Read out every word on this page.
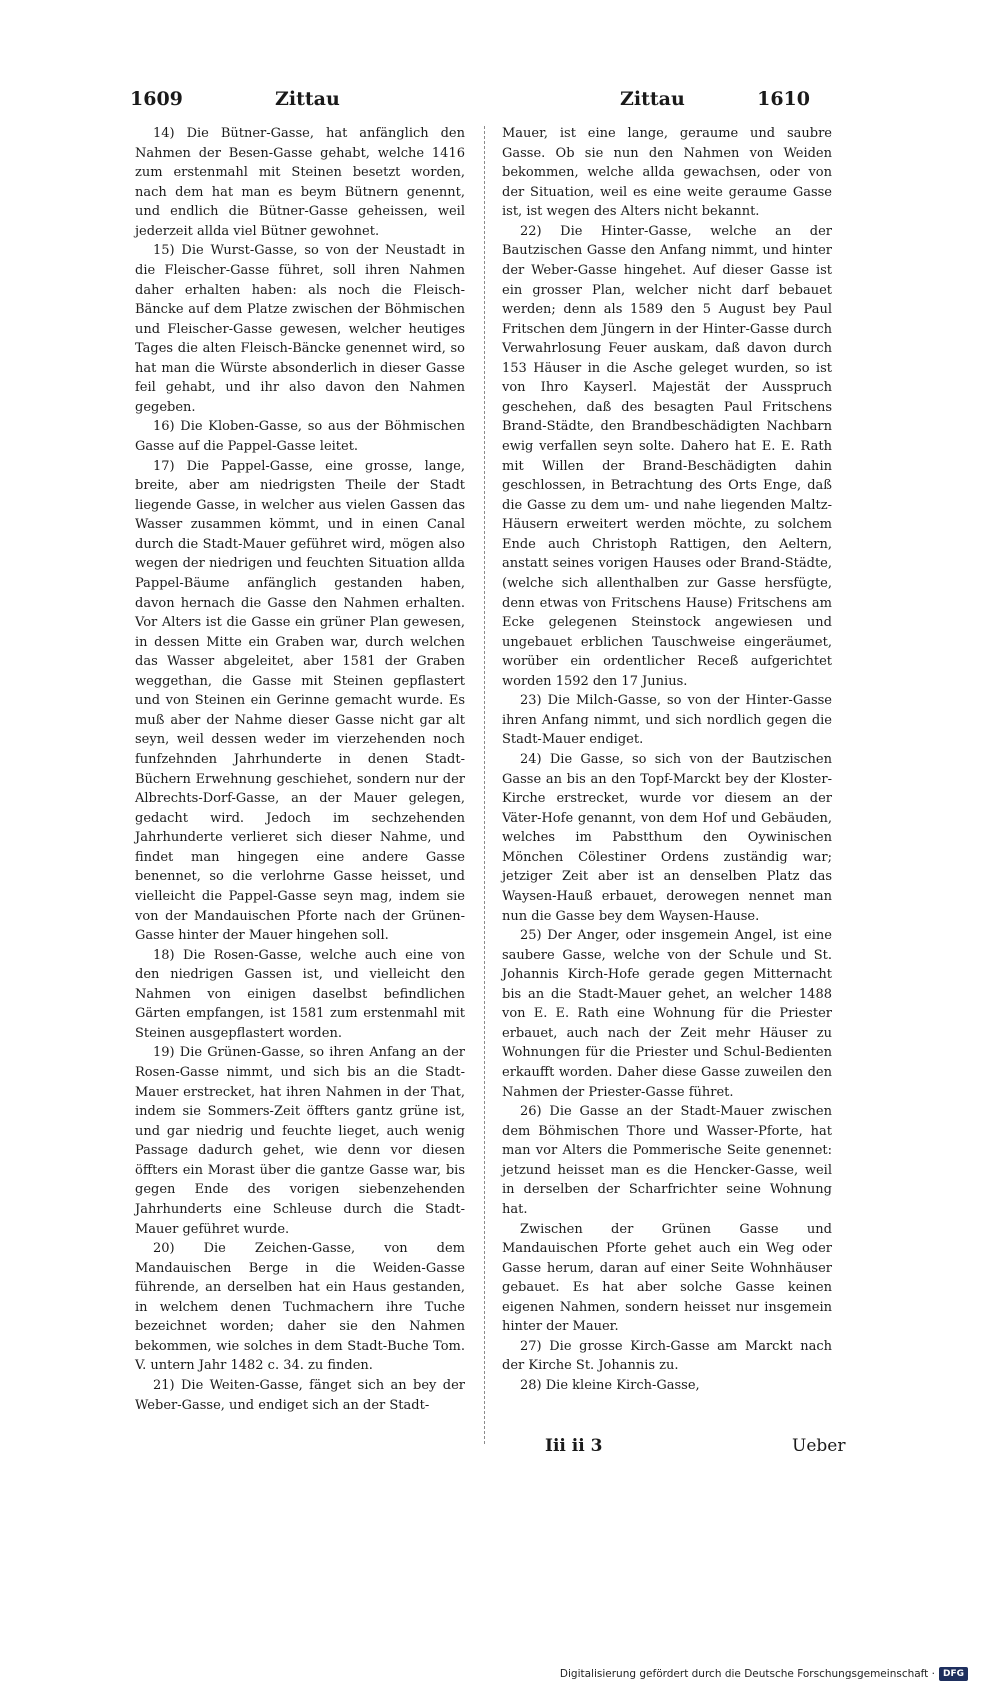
1609	Zittau	Zittau	1610

14) Die Bütner-Gasse, hat anfänglich den Nahmen der Besen-Gasse gehabt, welche 1416 zum erstenmahl mit Steinen besetzt worden, nach dem hat man es beym Bütnern genennt, und endlich die Bütner-Gasse geheissen, weil jederzeit allda viel Bütner gewohnet.

15) Die Wurst-Gasse, so von der Neustadt in die Fleischer-Gasse führet, soll ihren Nahmen daher erhalten haben: als noch die Fleisch-Bäncke auf dem Platze zwischen der Böhmischen und Fleischer-Gasse gewesen, welcher heutiges Tages die alten Fleisch-Bäncke genennet wird, so hat man die Würste absonderlich in dieser Gasse feil gehabt, und ihr also davon den Nahmen gegeben.

16) Die Kloben-Gasse, so aus der Böhmischen Gasse auf die Pappel-Gasse leitet.

17) Die Pappel-Gasse, eine grosse, lange, breite, aber am niedrigsten Theile der Stadt liegende Gasse, in welcher aus vielen Gassen das Wasser zusammen kömmt, und in einen Canal durch die Stadt-Mauer geführet wird, mögen also wegen der niedrigen und feuchten Situation allda Pappel-Bäume anfänglich gestanden haben, davon hernach die Gasse den Nahmen erhalten. Vor Alters ist die Gasse ein grüner Plan gewesen, in dessen Mitte ein Graben war, durch welchen das Wasser abgeleitet, aber 1581 der Graben weggethan, die Gasse mit Steinen gepflastert und von Steinen ein Gerinne gemacht wurde. Es muß aber der Nahme dieser Gasse nicht gar alt seyn, weil dessen weder im vierzehenden noch funfzehnden Jahrhunderte in denen Stadt-Büchern Erwehnung geschiehet, sondern nur der Albrechts-Dorf-Gasse, an der Mauer gelegen, gedacht wird. Jedoch im sechzehenden Jahrhunderte verlieret sich dieser Nahme, und findet man hingegen eine andere Gasse benennet, so die verlohrne Gasse heisset, und vielleicht die Pappel-Gasse seyn mag, indem sie von der Mandauischen Pforte nach der Grünen-Gasse hinter der Mauer hingehen soll.

18) Die Rosen-Gasse, welche auch eine von den niedrigen Gassen ist, und vielleicht den Nahmen von einigen daselbst befindlichen Gärten empfangen, ist 1581 zum erstenmahl mit Steinen ausgepflastert worden.

19) Die Grünen-Gasse, so ihren Anfang an der Rosen-Gasse nimmt, und sich bis an die Stadt-Mauer erstrecket, hat ihren Nahmen in der That, indem sie Sommers-Zeit öffters gantz grüne ist, und gar niedrig und feuchte lieget, auch wenig Passage dadurch gehet, wie denn vor diesen öffters ein Morast über die gantze Gasse war, bis gegen Ende des vorigen siebenzehenden Jahrhunderts eine Schleuse durch die Stadt-Mauer geführet wurde.

20) Die Zeichen-Gasse, von dem Mandauischen Berge in die Weiden-Gasse führende, an derselben hat ein Haus gestanden, in welchem denen Tuchmachern ihre Tuche bezeichnet worden; daher sie den Nahmen bekommen, wie solches in dem Stadt-Buche Tom. V. untern Jahr 1482 c. 34. zu finden.

21) Die Weiten-Gasse, fänget sich an bey der Weber-Gasse, und endiget sich an der Stadt-

Mauer, ist eine lange, geraume und saubre Gasse. Ob sie nun den Nahmen von Weiden bekommen, welche allda gewachsen, oder von der Situation, weil es eine weite geraume Gasse ist, ist wegen des Alters nicht bekannt.

22) Die Hinter-Gasse, welche an der Bautzischen Gasse den Anfang nimmt, und hinter der Weber-Gasse hingehet. Auf dieser Gasse ist ein grosser Plan, welcher nicht darf bebauet werden; denn als 1589 den 5 August bey Paul Fritschen dem Jüngern in der Hinter-Gasse durch Verwahrlosung Feuer auskam, daß davon durch 153 Häuser in die Asche geleget wurden, so ist von Ihro Kayserl. Majestät der Ausspruch geschehen, daß des besagten Paul Fritschens Brand-Städte, den Brandbeschädigten Nachbarn ewig verfallen seyn solte. Dahero hat E. E. Rath mit Willen der Brand-Beschädigten dahin geschlossen, in Betrachtung des Orts Enge, daß die Gasse zu dem um- und nahe liegenden Maltz-Häusern erweitert werden möchte, zu solchem Ende auch Christoph Rattigen, den Aeltern, anstatt seines vorigen Hauses oder Brand-Städte, (welche sich allenthalben zur Gasse hersfügte, denn etwas von Fritschens Hause) Fritschens am Ecke gelegenen Steinstock angewiesen und ungebauet erblichen Tauschweise eingeräumet, worüber ein ordentlicher Receß aufgerichtet worden 1592 den 17 Junius.

23) Die Milch-Gasse, so von der Hinter-Gasse ihren Anfang nimmt, und sich nordlich gegen die Stadt-Mauer endiget.

24) Die Gasse, so sich von der Bautzischen Gasse an bis an den Topf-Marckt bey der Kloster-Kirche erstrecket, wurde vor diesem an der Väter-Hofe genannt, von dem Hof und Gebäuden, welches im Pabstthum den Oywinischen Mönchen Cölestiner Ordens zuständig war; jetziger Zeit aber ist an denselben Platz das Waysen-Hauß erbauet, derowegen nennet man nun die Gasse bey dem Waysen-Hause.

25) Der Anger, oder insgemein Angel, ist eine saubere Gasse, welche von der Schule und St. Johannis Kirch-Hofe gerade gegen Mitternacht bis an die Stadt-Mauer gehet, an welcher 1488 von E. E. Rath eine Wohnung für die Priester erbauet, auch nach der Zeit mehr Häuser zu Wohnungen für die Priester und Schul-Bedienten erkaufft worden. Daher diese Gasse zuweilen den Nahmen der Priester-Gasse führet.

26) Die Gasse an der Stadt-Mauer zwischen dem Böhmischen Thore und Wasser-Pforte, hat man vor Alters die Pommerische Seite genennet: jetzund heisset man es die Hencker-Gasse, weil in derselben der Scharfrichter seine Wohnung hat.

Zwischen der Grünen Gasse und Mandauischen Pforte gehet auch ein Weg oder Gasse herum, daran auf einer Seite Wohnhäuser gebauet. Es hat aber solche Gasse keinen eigenen Nahmen, sondern heisset nur insgemein hinter der Mauer.

27) Die grosse Kirch-Gasse am Marckt nach der Kirche St. Johannis zu.

28) Die kleine Kirch-Gasse,

Iii ii 3	Ueber
Digitalisierung gefördert durch die Deutsche Forschungsgemeinschaft · DFG
